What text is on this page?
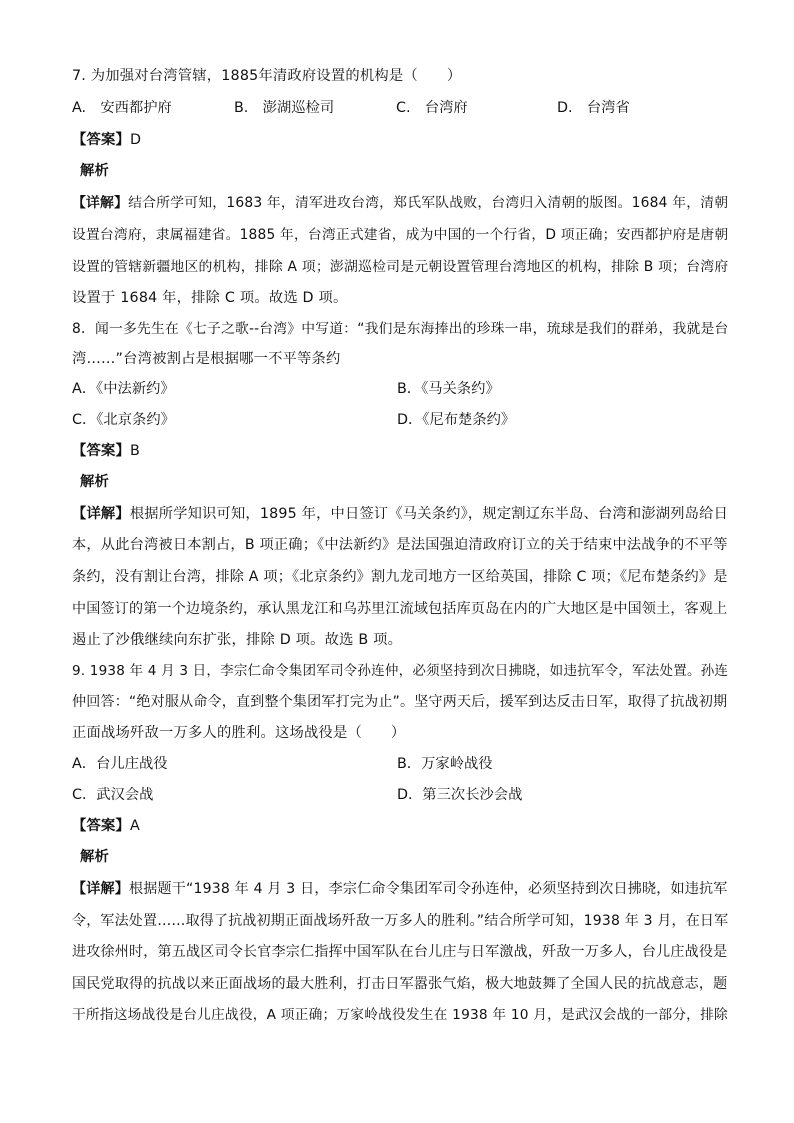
7. 为加强对台湾管辖，1885年清政府设置的机构是（　　）
A.　安西都护府	B.　澎湖巡检司	C.　台湾府	D.　台湾省
【答案】D
解析
【详解】结合所学可知，1683 年，清军进攻台湾，郑氏军队战败，台湾归入清朝的版图。1684 年，清朝
设置台湾府，隶属福建省。1885 年，台湾正式建省，成为中国的一个行省，D 项正确；安西都护府是唐朝
设置的管辖新疆地区的机构，排除 A 项；澎湖巡检司是元朝设置管理台湾地区的机构，排除 B 项；台湾府
设置于 1684 年，排除 C 项。故选 D 项。
8．闻一多先生在《七子之歌--台湾》中写道：“我们是东海捧出的珍珠一串，琉球是我们的群弟，我就是台
湾……”台湾被割占是根据哪一不平等条约
A．《中法新约》	B．《马关条约》
C．《北京条约》	D．《尼布楚条约》
【答案】B
解析
【详解】根据所学知识可知，1895 年，中日签订《马关条约》，规定割辽东半岛、台湾和澎湖列岛给日
本，从此台湾被日本割占，B 项正确；《中法新约》是法国强迫清政府订立的关于结束中法战争的不平等
条约，没有割让台湾，排除 A 项；《北京条约》割九龙司地方一区给英国，排除 C 项；《尼布楚条约》是
中国签订的第一个边境条约，承认黑龙江和乌苏里江流域包括库页岛在内的广大地区是中国领土，客观上
遏止了沙俄继续向东扩张，排除 D 项。故选 B 项。
9. 1938 年 4 月 3 日，李宗仁命令集团军司令孙连仲，必须坚持到次日拂晓，如违抗军令，军法处置。孙连
仲回答：“绝对服从命令，直到整个集团军打完为止”。坚守两天后，援军到达反击日军，取得了抗战初期
正面战场歼敌一万多人的胜利。这场战役是（　　）
A．台儿庄战役	B．万家岭战役
C．武汉会战	D．第三次长沙会战
【答案】A
解析
【详解】根据题干“1938 年 4 月 3 日，李宗仁命令集团军司令孙连仲，必须坚持到次日拂晓，如违抗军
令，军法处置……取得了抗战初期正面战场歼敌一万多人的胜利。”结合所学可知，1938 年 3 月，在日军
进攻徐州时，第五战区司令长官李宗仁指挥中国军队在台儿庄与日军激战，歼敌一万多人，台儿庄战役是
国民党取得的抗战以来正面战场的最大胜利，打击日军嚣张气焰，极大地鼓舞了全国人民的抗战意志，题
干所指这场战役是台儿庄战役，A 项正确；万家岭战役发生在 1938 年 10 月，是武汉会战的一部分，排除
